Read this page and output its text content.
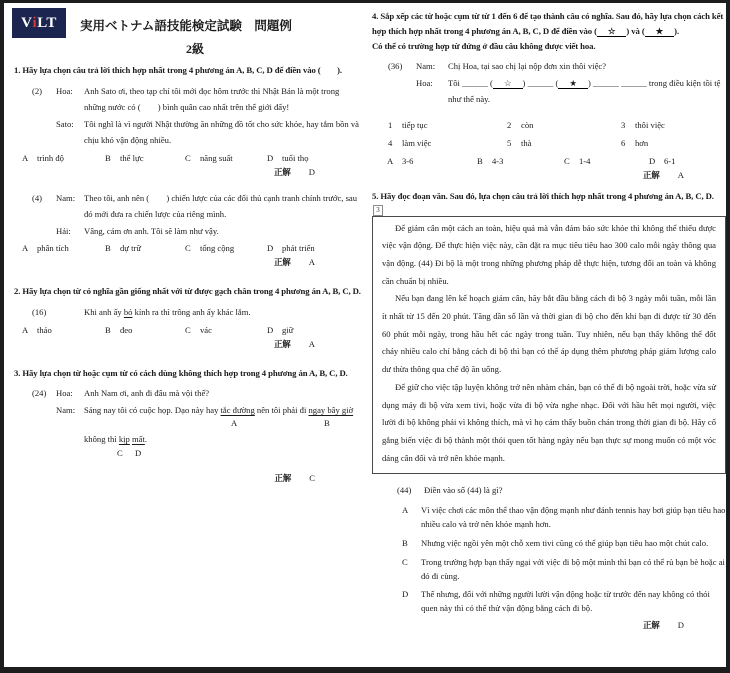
V i LT 実用ベトナム語技能検定試験　問題例
2級

1. Hãy lựa chọn câu trả lời thích hợp nhất trong 4 phương án A, B, C, D để điền vào (        ).

(2)	Hoa:	Anh Sato ơi, theo tạp chí tôi mới đọc hôm trước thì Nhật Bản là một trong những nước có (        ) bình quân cao nhất trên thế giới đấy!
Sato:	Tôi nghĩ là vì người Nhật thường ăn những đồ tốt cho sức khỏe, hay tắm bồn và chịu khó vận động nhiều.
A trình độ	B thể lực	C năng suất	D tuổi thọ
正解 D
(4)	Nam:	Theo tôi, anh nên (        ) chiến lược của các đối thủ cạnh tranh chính trước, sau đó mới đưa ra chiến lược của riêng mình.
Hải:	Vâng, cám ơn anh. Tôi sẽ làm như vậy.
A phân tích	B dự trữ	C tổng cộng	D phát triển
正解 A

2. Hãy lựa chọn từ có nghĩa gần giống nhất với từ được gạch chân trong 4 phương án A, B, C, D.

(16)	Khi anh ấy bỏ kính ra thì trông anh ấy khác lắm.
A tháo	B đeo	C vác	D giữ
正解 A

3. Hãy lựa chọn từ hoặc cụm từ có cách dùng không thích hợp trong 4 phương án A, B, C, D.

(24)	Hoa:	Anh Nam ơi, anh đi đâu mà vội thế?
Nam:	Sáng nay tôi có cuộc họp. Dạo này hay tắc đường nên tôi phải đi ngay bây giờ
A	B
không thì kịp mất.
C D
正解 C

4. Sắp xếp các từ hoặc cụm từ từ 1 đến 6 để tạo thành câu có nghĩa. Sau đó, hãy lựa chọn cách kết hợp thích hợp nhất trong 4 phương án A, B, C, D để điền vào ( ☆ ) và ( ★ ).
Có thể có trường hợp từ đứng ở đầu câu không được viết hoa.

(36)	Nam:	Chị Hoa, tại sao chị lại nộp đơn xin thôi việc?
Hoa:	Tôi ______ ( ☆ ) ______ ( ★ ) ______ ______ trong điều kiện tồi tệ như thế này.
1 tiếp tục	2 còn	3 thôi việc
4 làm việc	5 thà	6 hơn
A 3-6	B 4-3	C 1-4	D 6-1
正解 A

5. Hãy đọc đoạn văn. Sau đó, lựa chọn câu trả lời thích hợp nhất trong 4 phương án A, B, C, D.

3

Để giảm cân một cách an toàn, hiệu quả mà vẫn đảm bảo sức khỏe thì không thể thiếu được việc vận động. Để thực hiện việc này, cần đặt ra mục tiêu tiêu hao 300 calo mỗi ngày thông qua vận động. (44) Đi bộ là một trong những phương pháp dễ thực hiện, tương đối an toàn và không cần chuẩn bị nhiều.

Nếu bạn đang lên kế hoạch giảm cân, hãy bắt đầu bằng cách đi bộ 3 ngày mỗi tuần, mỗi lần ít nhất từ 15 đến 20 phút. Tăng dần số lần và thời gian đi bộ cho đến khi bạn đi được từ 30 đến 60 phút mỗi ngày, trong hầu hết các ngày trong tuần. Tuy nhiên, nếu bạn thấy không thể đốt cháy nhiều calo chỉ bằng cách đi bộ thì bạn có thể áp dụng thêm phương pháp giảm lượng calo dư thừa thông qua chế độ ăn uống.

Để giữ cho việc tập luyện không trở nên nhàm chán, bạn có thể đi bộ ngoài trời, hoặc vừa sử dụng máy đi bộ vừa xem tivi, hoặc vừa đi bộ vừa nghe nhạc. Đối với hầu hết mọi người, việc lười đi bộ không phải vì không thích, mà vì họ cảm thấy buồn chán trong thời gian đi bộ. Hãy cố gắng biến việc đi bộ thành một thói quen tốt hàng ngày nếu bạn thực sự mong muốn có một vóc dáng cân đối và trở nên khỏe mạnh.

(44)	Điền vào số (44) là gì?
A	Vì việc chơi các môn thể thao vận động mạnh như đánh tennis hay bơi giúp bạn tiêu hao nhiều calo và trở nên khỏe mạnh hơn.
B	Nhưng việc ngồi yên một chỗ xem tivi cũng có thể giúp bạn tiêu hao một chút calo.
C	Trong trường hợp bạn thấy ngại với việc đi bộ một mình thì bạn có thể rủ bạn bè hoặc ai đó đi cùng.
D	Thế nhưng, đối với những người lười vận động hoặc từ trước đến nay không có thói quen này thì có thể thử vận động bằng cách đi bộ.
正解 D
